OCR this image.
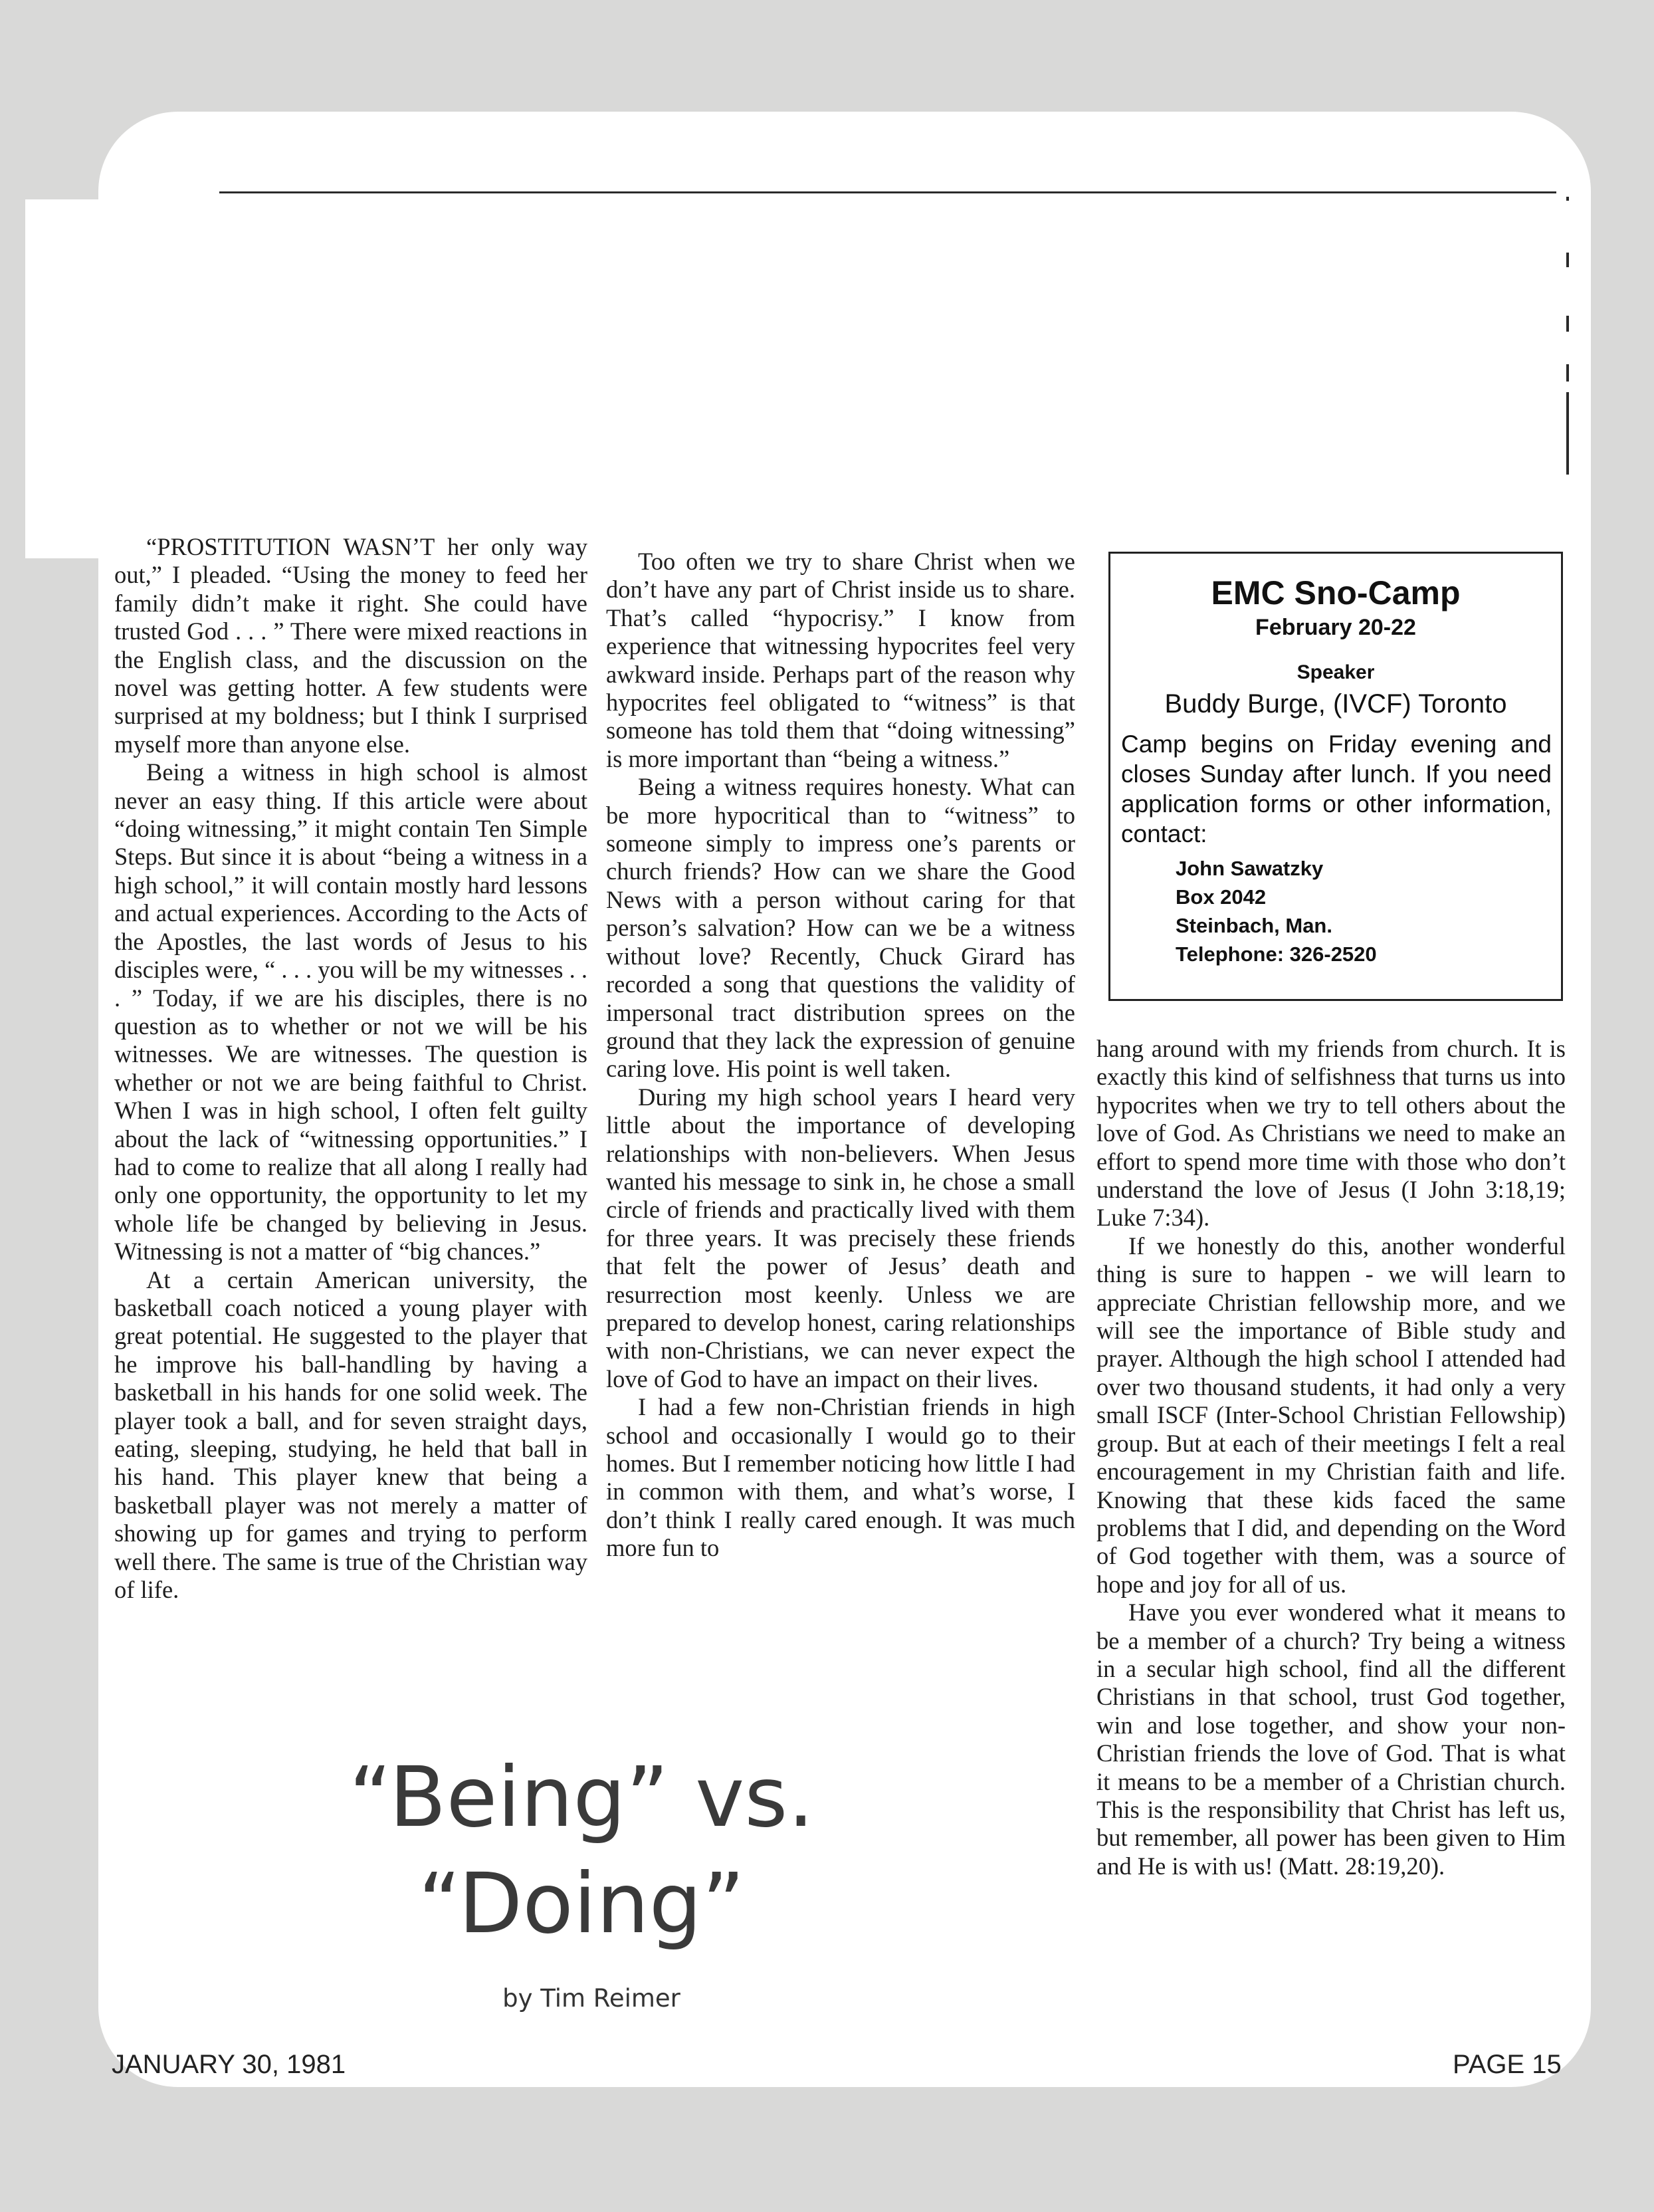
“PROSTITUTION WASN’T her only way out,” I pleaded. “Using the money to feed her family didn’t make it right. She could have trusted God . . . ” There were mixed reactions in the English class, and the discussion on the novel was getting hotter. A few students were surprised at my boldness; but I think I surprised myself more than anyone else.

Being a witness in high school is almost never an easy thing. If this article were about “doing witnessing,” it might contain Ten Simple Steps. But since it is about “being a witness in a high school,” it will contain mostly hard lessons and actual experiences. According to the Acts of the Apostles, the last words of Jesus to his disciples were, “ . . . you will be my witnesses . . . ” Today, if we are his disciples, there is no question as to whether or not we will be his witnesses. We are witnesses. The question is whether or not we are being faithful to Christ. When I was in high school, I often felt guilty about the lack of “witnessing opportunities.” I had to come to realize that all along I really had only one opportunity, the opportunity to let my whole life be changed by believing in Jesus. Witnessing is not a matter of “big chances.”

At a certain American university, the basketball coach noticed a young player with great potential. He suggested to the player that he improve his ball-handling by having a basketball in his hands for one solid week. The player took a ball, and for seven straight days, eating, sleeping, studying, he held that ball in his hand. This player knew that being a basketball player was not merely a matter of showing up for games and trying to perform well there. The same is true of the Christian way of life.

Too often we try to share Christ when we don’t have any part of Christ inside us to share. That’s called “hypocrisy.” I know from experience that witnessing hypocrites feel very awkward inside. Perhaps part of the reason why hypocrites feel obligated to “witness” is that someone has told them that “doing witnessing” is more important than “being a witness.”

Being a witness requires honesty. What can be more hypocritical than to “witness” to someone simply to impress one’s parents or church friends? How can we share the Good News with a person without caring for that person’s salvation? How can we be a witness without love? Recently, Chuck Girard has recorded a song that questions the validity of impersonal tract distribution sprees on the ground that they lack the expression of genuine caring love. His point is well taken.

During my high school years I heard very little about the importance of developing relationships with non-believers. When Jesus wanted his message to sink in, he chose a small circle of friends and practically lived with them for three years. It was precisely these friends that felt the power of Jesus’ death and resurrection most keenly. Unless we are prepared to develop honest, caring relationships with non-Christians, we can never expect the love of God to have an impact on their lives.

I had a few non-Christian friends in high school and occasionally I would go to their homes. But I remember noticing how little I had in common with them, and what’s worse, I don’t think I really cared enough. It was much more fun to

hang around with my friends from church. It is exactly this kind of selfishness that turns us into hypocrites when we try to tell others about the love of God. As Christians we need to make an effort to spend more time with those who don’t understand the love of Jesus (I John 3:18,19; Luke 7:34).

If we honestly do this, another wonderful thing is sure to happen - we will learn to appreciate Christian fellowship more, and we will see the importance of Bible study and prayer. Although the high school I attended had over two thousand students, it had only a very small ISCF (Inter-School Christian Fellowship) group. But at each of their meetings I felt a real encouragement in my Christian faith and life. Knowing that these kids faced the same problems that I did, and depending on the Word of God together with them, was a source of hope and joy for all of us.

Have you ever wondered what it means to be a member of a church? Try being a witness in a secular high school, find all the different Christians in that school, trust God together, win and lose together, and show your non-Christian friends the love of God. That is what it means to be a member of a Christian church. This is the responsibility that Christ has left us, but remember, all power has been given to Him and He is with us! (Matt. 28:19,20).

EMC Sno-Camp
February 20-22
Speaker
Buddy Burge, (IVCF) Toronto
Camp begins on Friday evening and closes Sunday after lunch. If you need application forms or other information, contact:
John Sawatzky
Box 2042
Steinbach, Man.
Telephone: 326-2520
“Being” vs.
“Doing”
by Tim Reimer
JANUARY 30, 1981	PAGE 15
